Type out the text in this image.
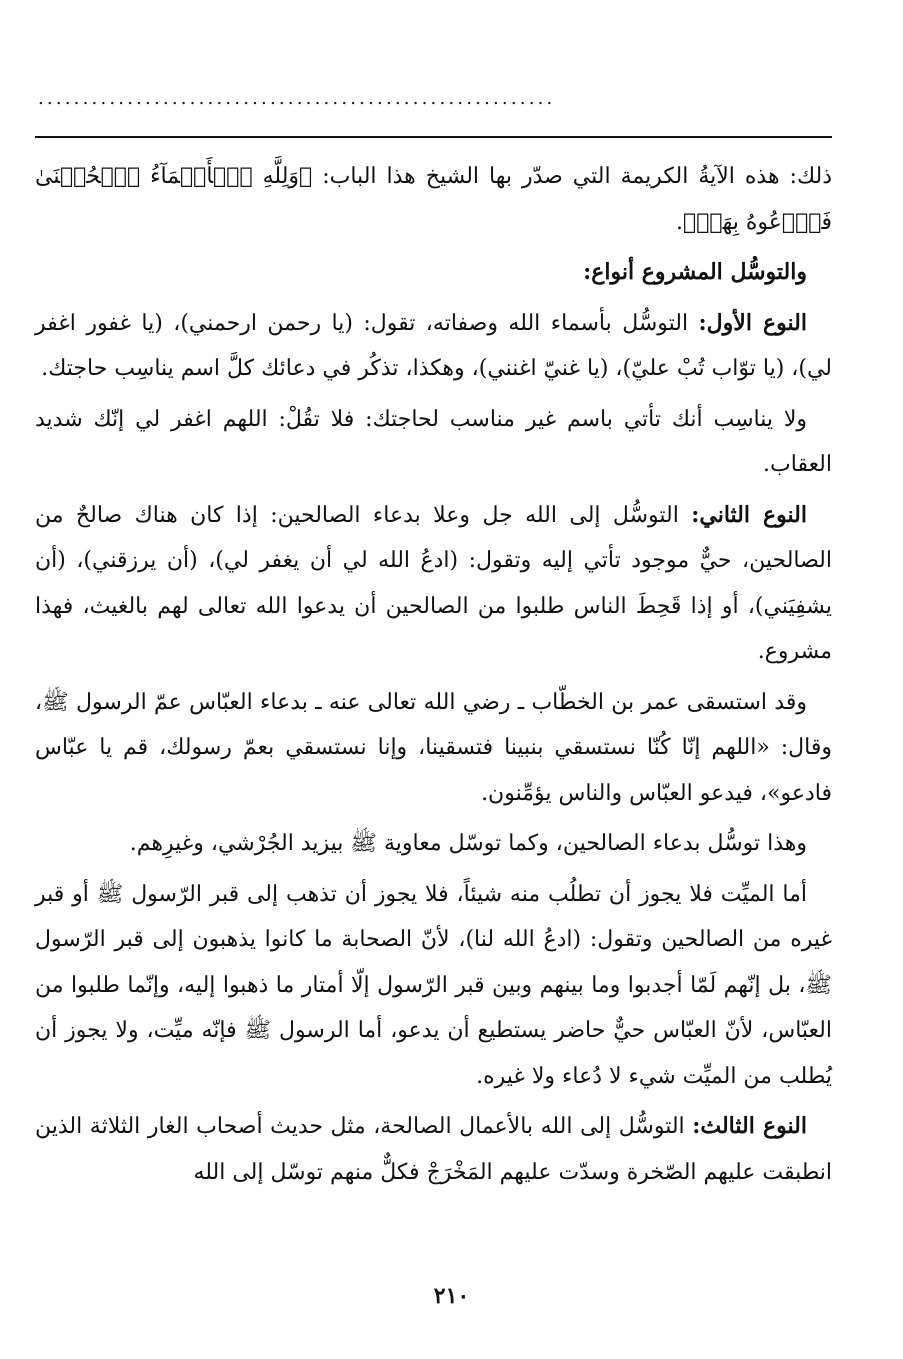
..........................................................

ذلك: هذه الآيةُ الكريمة التي صدّر بها الشيخ هذا الباب: ﴿وَلِلَّهِ ٱلۡأَسۡمَآءُ ٱلۡحُسۡنَىٰ فَٱدۡعُوهُ بِهَاۖ﴾.

والتوسُّل المشروع أنواع:

النوع الأول: التوسُّل بأسماء الله وصفاته، تقول: (يا رحمن ارحمني)، (يا غفور اغفر لي)، (يا توّاب تُبْ عليّ)، (يا غنيّ اغنني)، وهكذا، تذكُر في دعائك كلَّ اسم يناسِب حاجتك.

ولا يناسِب أنك تأتي باسم غير مناسب لحاجتك: فلا تقُلْ: اللهم اغفر لي إنّك شديد العقاب.

النوع الثاني: التوسُّل إلى الله جل وعلا بدعاء الصالحين: إذا كان هناك صالحٌ من الصالحين، حيٌّ موجود تأتي إليه وتقول: (ادعُ الله لي أن يغفر لي)، (أن يرزقني)، (أن يشفِيَني)، أو إذا قَحِطَ الناس طلبوا من الصالحين أن يدعوا الله تعالى لهم بالغيث، فهذا مشروع.

وقد استسقى عمر بن الخطّاب ـ رضي الله تعالى عنه ـ بدعاء العبّاس عمّ الرسول ﷺ، وقال: «اللهم إنّا كُنّا نستسقي بنبينا فتسقينا، وإنا نستسقي بعمّ رسولك، قم يا عبّاس فادعو»، فيدعو العبّاس والناس يؤمِّنون.

وهذا توسُّل بدعاء الصالحين، وكما توسّل معاوية ﷺ بيزيد الجُرْشي، وغيرِهم.

أما الميِّت فلا يجوز أن تطلُب منه شيئاً، فلا يجوز أن تذهب إلى قبر الرّسول ﷺ أو قبر غيره من الصالحين وتقول: (ادعُ الله لنا)، لأنّ الصحابة ما كانوا يذهبون إلى قبر الرّسول ﷺ، بل إنّهم لَمّا أجدبوا وما بينهم وبين قبر الرّسول إلّا أمتار ما ذهبوا إليه، وإنّما طلبوا من العبّاس، لأنّ العبّاس حيٌّ حاضر يستطيع أن يدعو، أما الرسول ﷺ فإنّه ميِّت، ولا يجوز أن يُطلب من الميِّت شيء لا دُعاء ولا غيره.

النوع الثالث: التوسُّل إلى الله بالأعمال الصالحة، مثل حديث أصحاب الغار الثلاثة الذين انطبقت عليهم الصّخرة وسدّت عليهم المَخْرَجْ فكلٌّ منهم توسّل إلى الله

٢١٠
